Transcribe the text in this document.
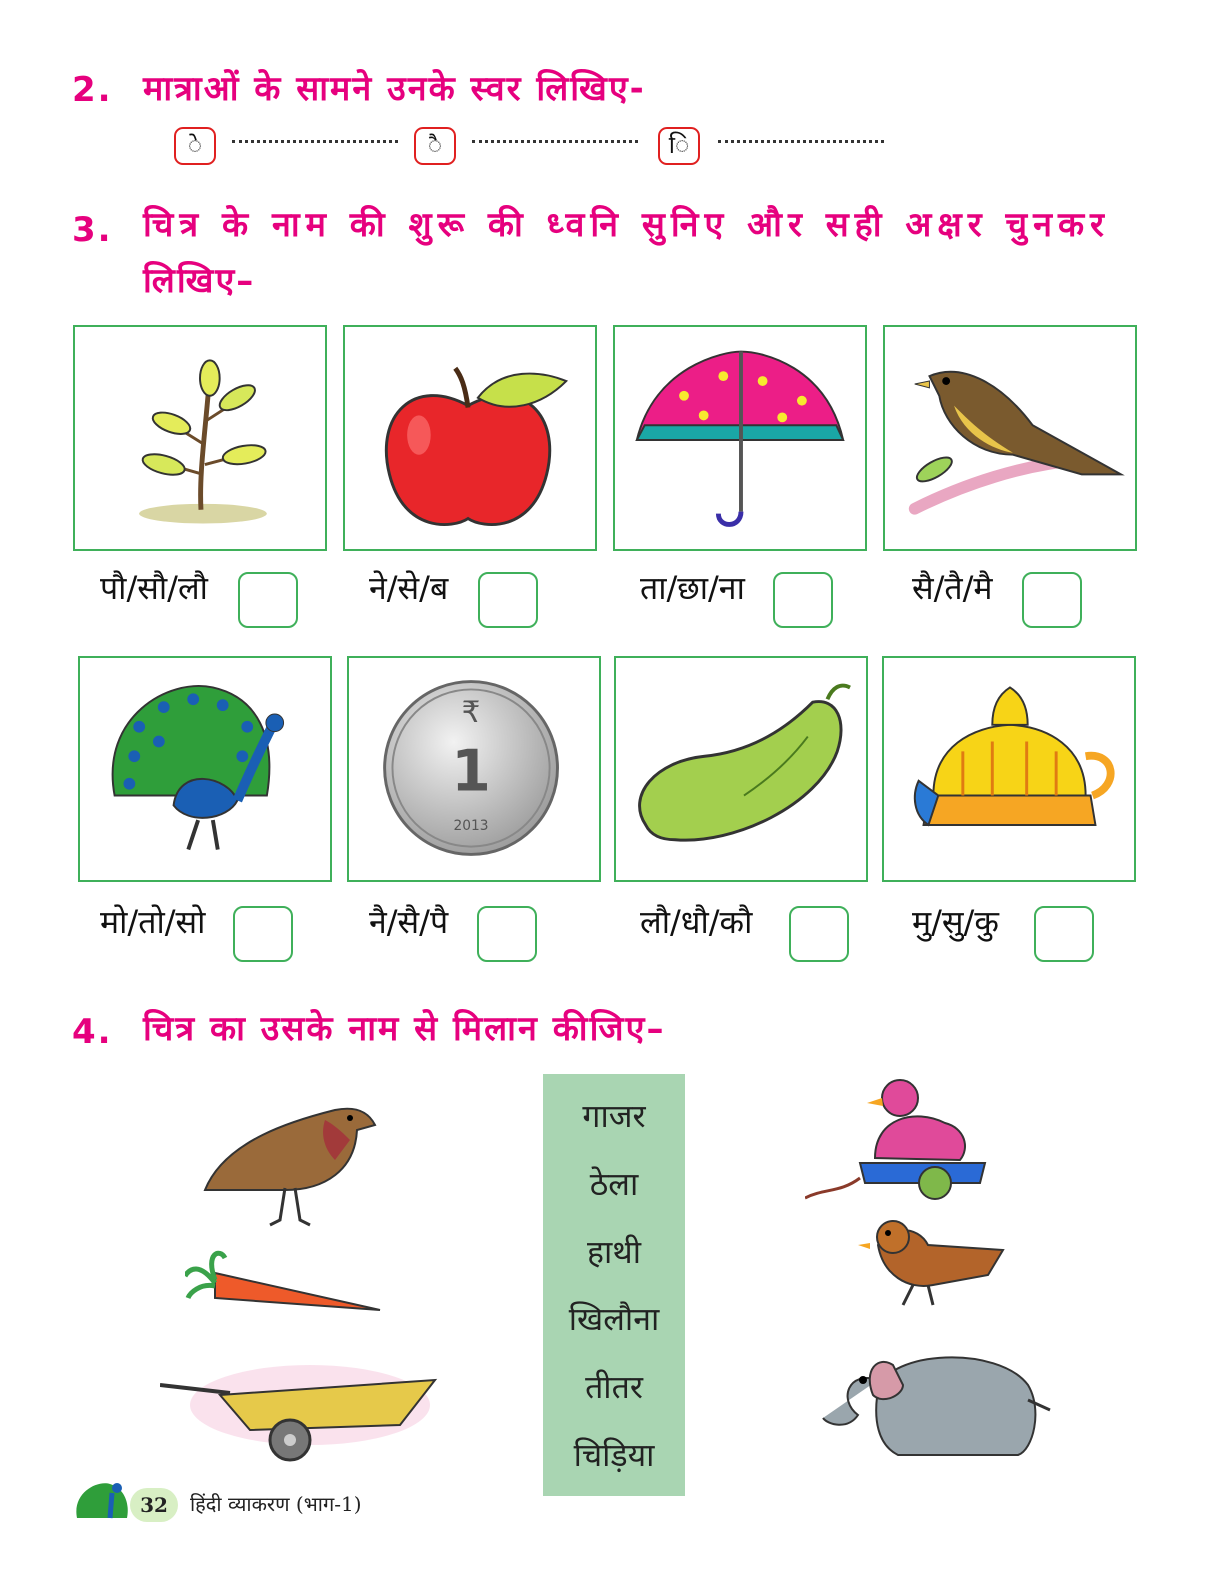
2. मात्राओं के सामने उनके स्वर लिखिए-
े	ै	ि
3. चित्र के नाम की शुरू की ध्वनि सुनिए और सही अक्षर चुनकर
लिखिए–
पौ/सौ/लौ	ने/से/ब	ता/छा/ना	सै/तै/मै
₹
1
2013
मो/तो/सो	नै/सै/पै	लौ/धौ/कौ	मु/सु/कु
4. चित्र का उसके नाम से मिलान कीजिए–
गाजर
ठेला
हाथी
खिलौना
तीतर
चिड़िया
32	हिंदी व्याकरण (भाग-1)
